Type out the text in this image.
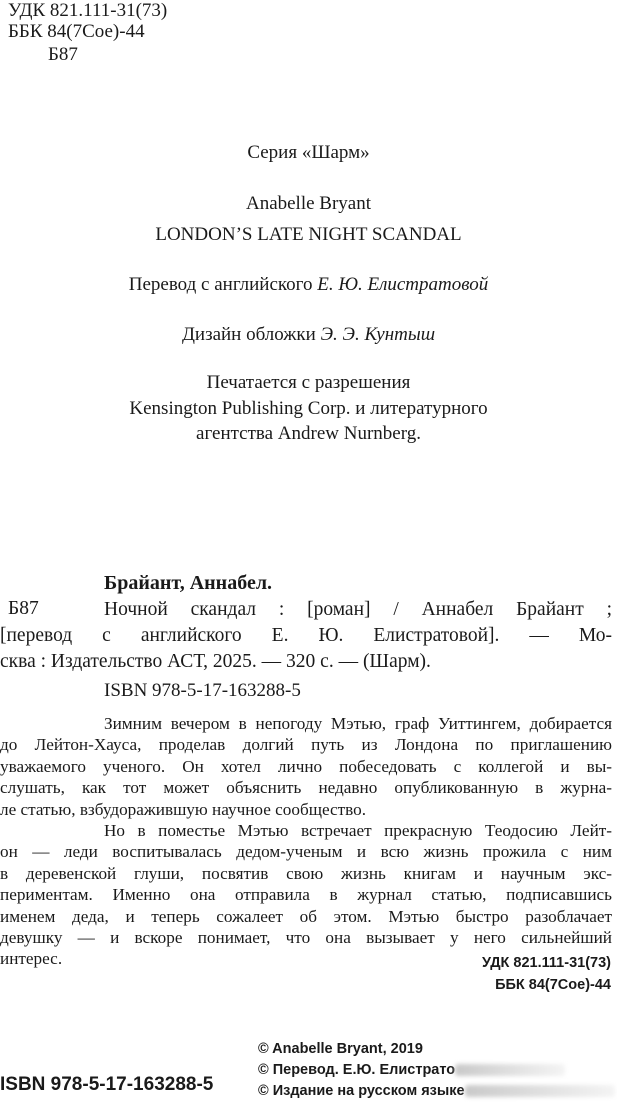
УДК 821.111-31(73)
ББК 84(7Сое)-44
Б87
Серия «Шарм»
Anabelle Bryant
LONDON’S LATE NIGHT SCANDAL
Перевод с английского Е. Ю. Елистратовой
Дизайн обложки Э. Э. Кунтыш
Печатается с разрешения
Kensington Publishing Corp. и литературного
агентства Andrew Nurnberg.
Брайант, Аннабел.
Б87	Ночной скандал : [роман] / Аннабел Брайант ;
[перевод с английского Е. Ю. Елистратовой]. — Мо-
сква : Издательство АСТ, 2025. — 320 с. — (Шарм).
ISBN 978-5-17-163288-5
Зимним вечером в непогоду Мэтью, граф Уиттингем, добирается
до Лейтон-Хауса, проделав долгий путь из Лондона по приглашению
уважаемого ученого. Он хотел лично побеседовать с коллегой и вы-
слушать, как тот может объяснить недавно опубликованную в журна-
ле статью, взбудоражившую научное сообщество.
Но в поместье Мэтью встречает прекрасную Теодосию Лейт-
он — леди воспитывалась дедом-ученым и всю жизнь прожила с ним
в деревенской глуши, посвятив свою жизнь книгам и научным экс-
периментам. Именно она отправила в журнал статью, подписавшись
именем деда, и теперь сожалеет об этом. Мэтью быстро разоблачает
девушку — и вскоре понимает, что она вызывает у него сильнейший
интерес.	УДК 821.111-31(73)
ББК 84(7Сое)-44
ISBN 978-5-17-163288-5
© Anabelle Bryant, 2019
© Перевод. Е.Ю. Елистрато
© Издание на русском языке
